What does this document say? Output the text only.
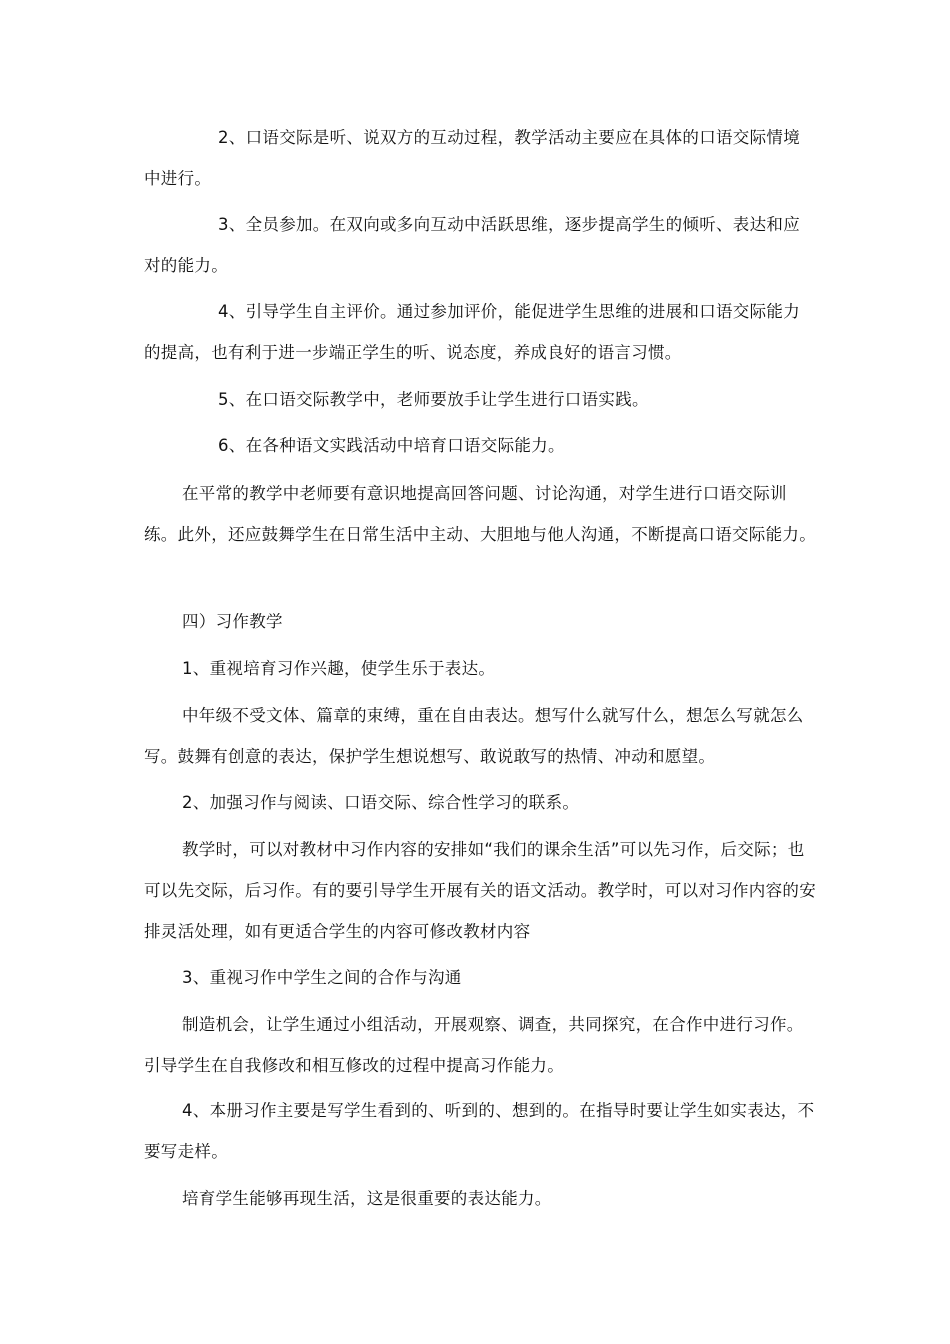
2、口语交际是听、说双方的互动过程，教学活动主要应在具体的口语交际情境中进行。

3、全员参加。在双向或多向互动中活跃思维，逐步提高学生的倾听、表达和应对的能力。

4、引导学生自主评价。通过参加评价，能促进学生思维的进展和口语交际能力的提高，也有利于进一步端正学生的听、说态度，养成良好的语言习惯。

5、在口语交际教学中，老师要放手让学生进行口语实践。

6、在各种语文实践活动中培育口语交际能力。

在平常的教学中老师要有意识地提高回答问题、讨论沟通，对学生进行口语交际训练。此外，还应鼓舞学生在日常生活中主动、大胆地与他人沟通，不断提高口语交际能力。

四）习作教学

1、重视培育习作兴趣，使学生乐于表达。

中年级不受文体、篇章的束缚，重在自由表达。想写什么就写什么，想怎么写就怎么写。鼓舞有创意的表达，保护学生想说想写、敢说敢写的热情、冲动和愿望。

2、加强习作与阅读、口语交际、综合性学习的联系。

教学时，可以对教材中习作内容的安排如“我们的课余生活”可以先习作，后交际；也可以先交际，后习作。有的要引导学生开展有关的语文活动。教学时，可以对习作内容的安排灵活处理，如有更适合学生的内容可修改教材内容

3、重视习作中学生之间的合作与沟通

制造机会，让学生通过小组活动，开展观察、调查，共同探究，在合作中进行习作。引导学生在自我修改和相互修改的过程中提高习作能力。

4、本册习作主要是写学生看到的、听到的、想到的。在指导时要让学生如实表达，不要写走样。

培育学生能够再现生活，这是很重要的表达能力。
